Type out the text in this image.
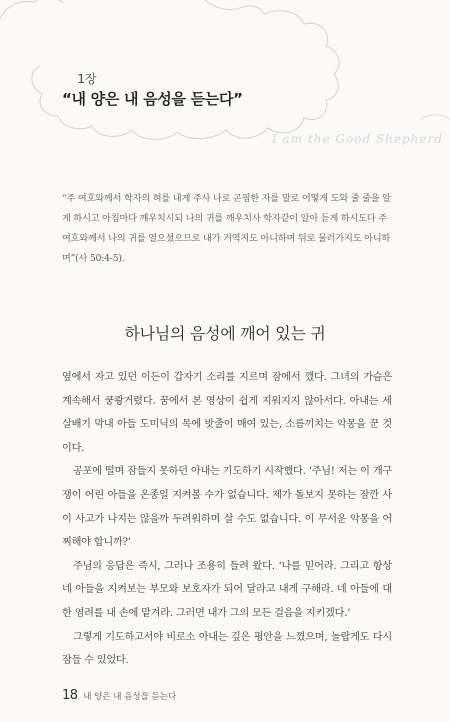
1장
“내 양은 내 음성을 듣는다”
I am the Good Shepherd
“주 여호와께서 학자의 혀를 내게 주사 나로 곤핍한 자를 말로 어떻게 도와 줄 줄을 알게 하시고 아침마다 깨우치시되 나의 귀를 깨우치사 학자같이 알아 듣게 하시도다 주 여호와께서 나의 귀를 열으셨으므로 내가 거역지도 아니하며 뒤로 물러가지도 아니하며”(사 50:4-5).
하나님의 음성에 깨어 있는 귀

옆에서 자고 있던 이든이 갑자기 소리를 지르며 잠에서 깼다. 그녀의 가슴은 계속해서 쿵쾅거렸다. 꿈에서 본 영상이 쉽게 지워지지 않아서다. 아내는 세 살배기 막내 아들 도미닉의 목에 밧줄이 매여 있는, 소름끼치는 악몽을 꾼 것이다.

공포에 떨며 잠들지 못하던 아내는 기도하기 시작했다. ‘주님! 저는 이 개구쟁이 어린 아들을 온종일 지켜볼 수가 없습니다. 제가 돌보지 못하는 잠깐 사이 사고가 나지는 않을까 두려워하며 살 수도 없습니다. 이 무서운 악몽을 어찌해야 합니까?’

주님의 응답은 즉시, 그러나 조용히 들려 왔다. ‘나를 믿어라. 그리고 항상 네 아들을 지켜보는 부모와 보호자가 되어 달라고 내게 구해라. 네 아들에 대한 염려를 내 손에 맡겨라. 그러면 내가 그의 모든 걸음을 지키겠다.’

그렇게 기도하고서야 비로소 아내는 깊은 평안을 느꼈으며, 놀랍게도 다시 잠들 수 있었다.

18 내 양은 내 음성을 듣는다
